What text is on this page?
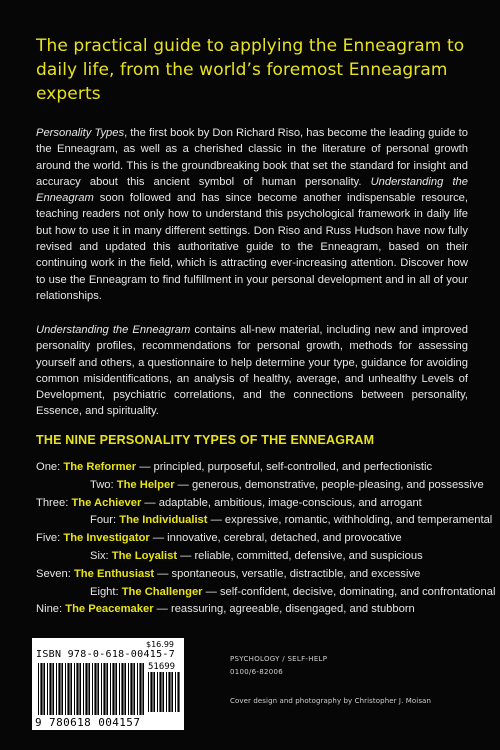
The practical guide to applying the Enneagram to daily life, from the world’s foremost Enneagram experts

Personality Types, the first book by Don Richard Riso, has become the leading guide to the Enneagram, as well as a cherished classic in the literature of personal growth around the world. This is the groundbreaking book that set the standard for insight and accuracy about this ancient symbol of human personality. Understanding the Enneagram soon followed and has since become another indispensable resource, teaching readers not only how to understand this psychological framework in daily life but how to use it in many different settings. Don Riso and Russ Hudson have now fully revised and updated this authoritative guide to the Enneagram, based on their continuing work in the field, which is attracting ever-increasing attention. Discover how to use the Enneagram to find fulfillment in your personal development and in all of your relationships.

Understanding the Enneagram contains all-new material, including new and improved personality profiles, recommendations for personal growth, methods for assessing yourself and others, a questionnaire to help determine your type, guidance for avoiding common misidentifications, an analysis of healthy, average, and unhealthy Levels of Development, psychiatric correlations, and the connections between personality, Essence, and spirituality.

THE NINE PERSONALITY TYPES OF THE ENNEAGRAM
One: The Reformer — principled, purposeful, self-controlled, and perfectionistic
Two: The Helper — generous, demonstrative, people-pleasing, and possessive
Three: The Achiever — adaptable, ambitious, image-conscious, and arrogant
Four: The Individualist — expressive, romantic, withholding, and temperamental
Five: The Investigator — innovative, cerebral, detached, and provocative
Six: The Loyalist — reliable, committed, defensive, and suspicious
Seven: The Enthusiast — spontaneous, versatile, distractible, and excessive
Eight: The Challenger — self-confident, decisive, dominating, and confrontational
Nine: The Peacemaker — reassuring, agreeable, disengaged, and stubborn
$16.99
ISBN 978-0-618-00415-7
51699
9 780618 004157
PSYCHOLOGY / SELF-HELP
0100/6-82006
Cover design and photography by Christopher J. Moisan
